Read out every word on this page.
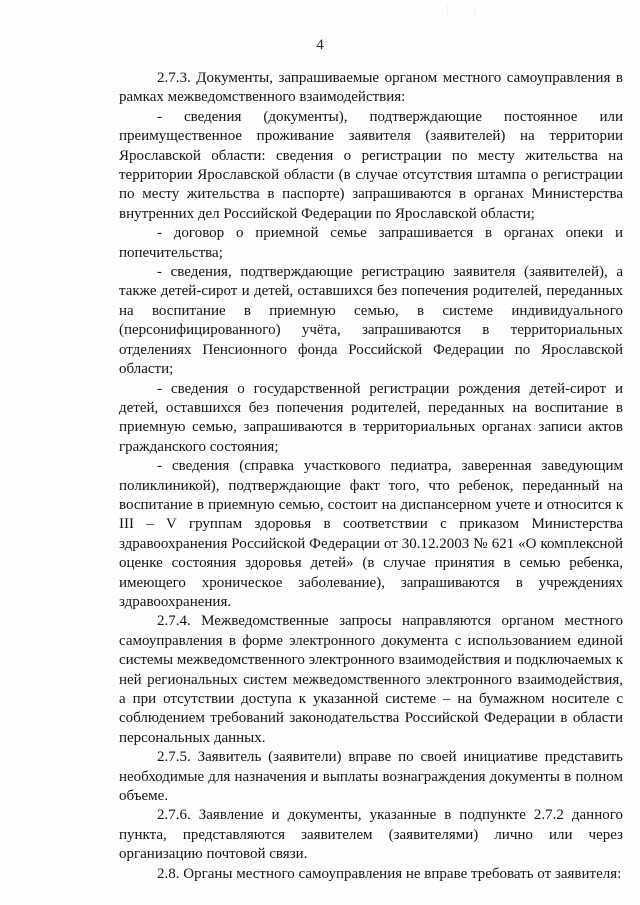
4

2.7.3. Документы, запрашиваемые органом местного самоуправления в рамках межведомственного взаимодействия:

- сведения (документы), подтверждающие постоянное или преимущественное проживание заявителя (заявителей) на территории Ярославской области: сведения о регистрации по месту жительства на территории Ярославской области (в случае отсутствия штампа о регистрации по месту жительства в паспорте) запрашиваются в органах Министерства внутренних дел Российской Федерации по Ярославской области;

- договор о приемной семье запрашивается в органах опеки и попечительства;

- сведения, подтверждающие регистрацию заявителя (заявителей), а также детей-сирот и детей, оставшихся без попечения родителей, переданных на воспитание в приемную семью, в системе индивидуального (персонифицированного) учёта, запрашиваются в территориальных отделениях Пенсионного фонда Российской Федерации по Ярославской области;

- сведения о государственной регистрации рождения детей-сирот и детей, оставшихся без попечения родителей, переданных на воспитание в приемную семью, запрашиваются в территориальных органах записи актов гражданского состояния;

- сведения (справка участкового педиатра, заверенная заведующим поликлиникой), подтверждающие факт того, что ребенок, переданный на воспитание в приемную семью, состоит на диспансерном учете и относится к III – V группам здоровья в соответствии с приказом Министерства здравоохранения Российской Федерации от 30.12.2003 № 621 «О комплексной оценке состояния здоровья детей» (в случае принятия в семью ребенка, имеющего хроническое заболевание), запрашиваются в учреждениях здравоохранения.

2.7.4. Межведомственные запросы направляются органом местного самоуправления в форме электронного документа с использованием единой системы межведомственного электронного взаимодействия и подключаемых к ней региональных систем межведомственного электронного взаимодействия, а при отсутствии доступа к указанной системе – на бумажном носителе с соблюдением требований законодательства Российской Федерации в области персональных данных.

2.7.5. Заявитель (заявители) вправе по своей инициативе представить необходимые для назначения и выплаты вознаграждения документы в полном объеме.

2.7.6. Заявление и документы, указанные в подпункте 2.7.2 данного пункта, представляются заявителем (заявителями) лично или через организацию почтовой связи.

2.8. Органы местного самоуправления не вправе требовать от заявителя:
